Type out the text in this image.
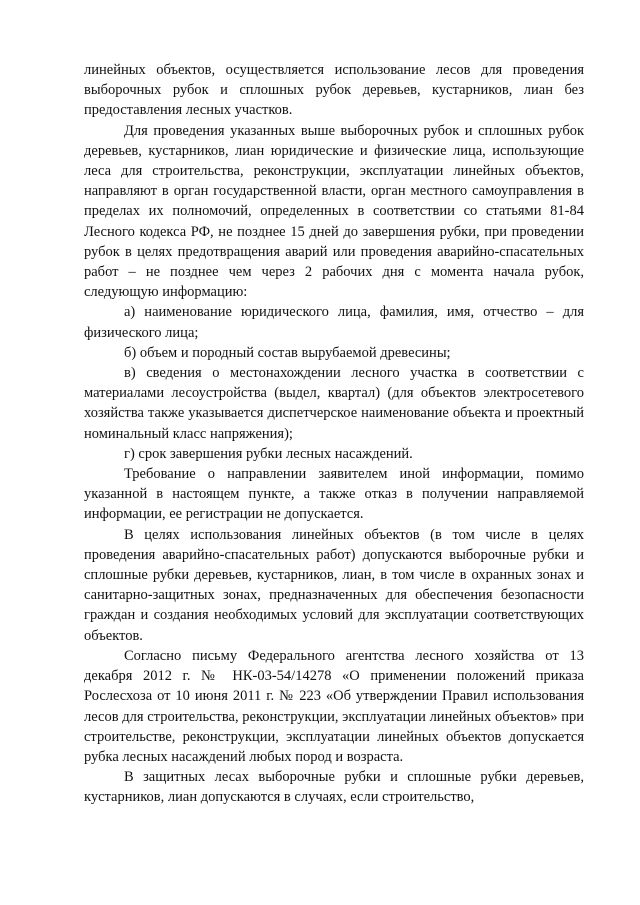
линейных объектов, осуществляется использование лесов для проведения выборочных рубок и сплошных рубок деревьев, кустарников, лиан без предоставления лесных участков.

Для проведения указанных выше выборочных рубок и сплошных рубок деревьев, кустарников, лиан юридические и физические лица, использующие леса для строительства, реконструкции, эксплуатации линейных объектов, направляют в орган государственной власти, орган местного самоуправления в пределах их полномочий, определенных в соответствии со статьями 81-84 Лесного кодекса РФ, не позднее 15 дней до завершения рубки, при проведении рубок в целях предотвращения аварий или проведения аварийно-спасательных работ – не позднее чем через 2 рабочих дня с момента начала рубок, следующую информацию:

а) наименование юридического лица, фамилия, имя, отчество – для физического лица;

б) объем и породный состав вырубаемой древесины;

в) сведения о местонахождении лесного участка в соответствии с материалами лесоустройства (выдел, квартал) (для объектов электросетевого хозяйства также указывается диспетчерское наименование объекта и проектный номинальный класс напряжения);

г) срок завершения рубки лесных насаждений.

Требование о направлении заявителем иной информации, помимо указанной в настоящем пункте, а также отказ в получении направляемой информации, ее регистрации не допускается.

В целях использования линейных объектов (в том числе в целях проведения аварийно-спасательных работ) допускаются выборочные рубки и сплошные рубки деревьев, кустарников, лиан, в том числе в охранных зонах и санитарно-защитных зонах, предназначенных для обеспечения безопасности граждан и создания необходимых условий для эксплуатации соответствующих объектов.

Согласно письму Федерального агентства лесного хозяйства от 13 декабря 2012 г. № НК-03-54/14278 «О применении положений приказа Рослесхоза от 10 июня 2011 г. № 223 «Об утверждении Правил использования лесов для строительства, реконструкции, эксплуатации линейных объектов» при строительстве, реконструкции, эксплуатации линейных объектов допускается рубка лесных насаждений любых пород и возраста.

В защитных лесах выборочные рубки и сплошные рубки деревьев, кустарников, лиан допускаются в случаях, если строительство,
